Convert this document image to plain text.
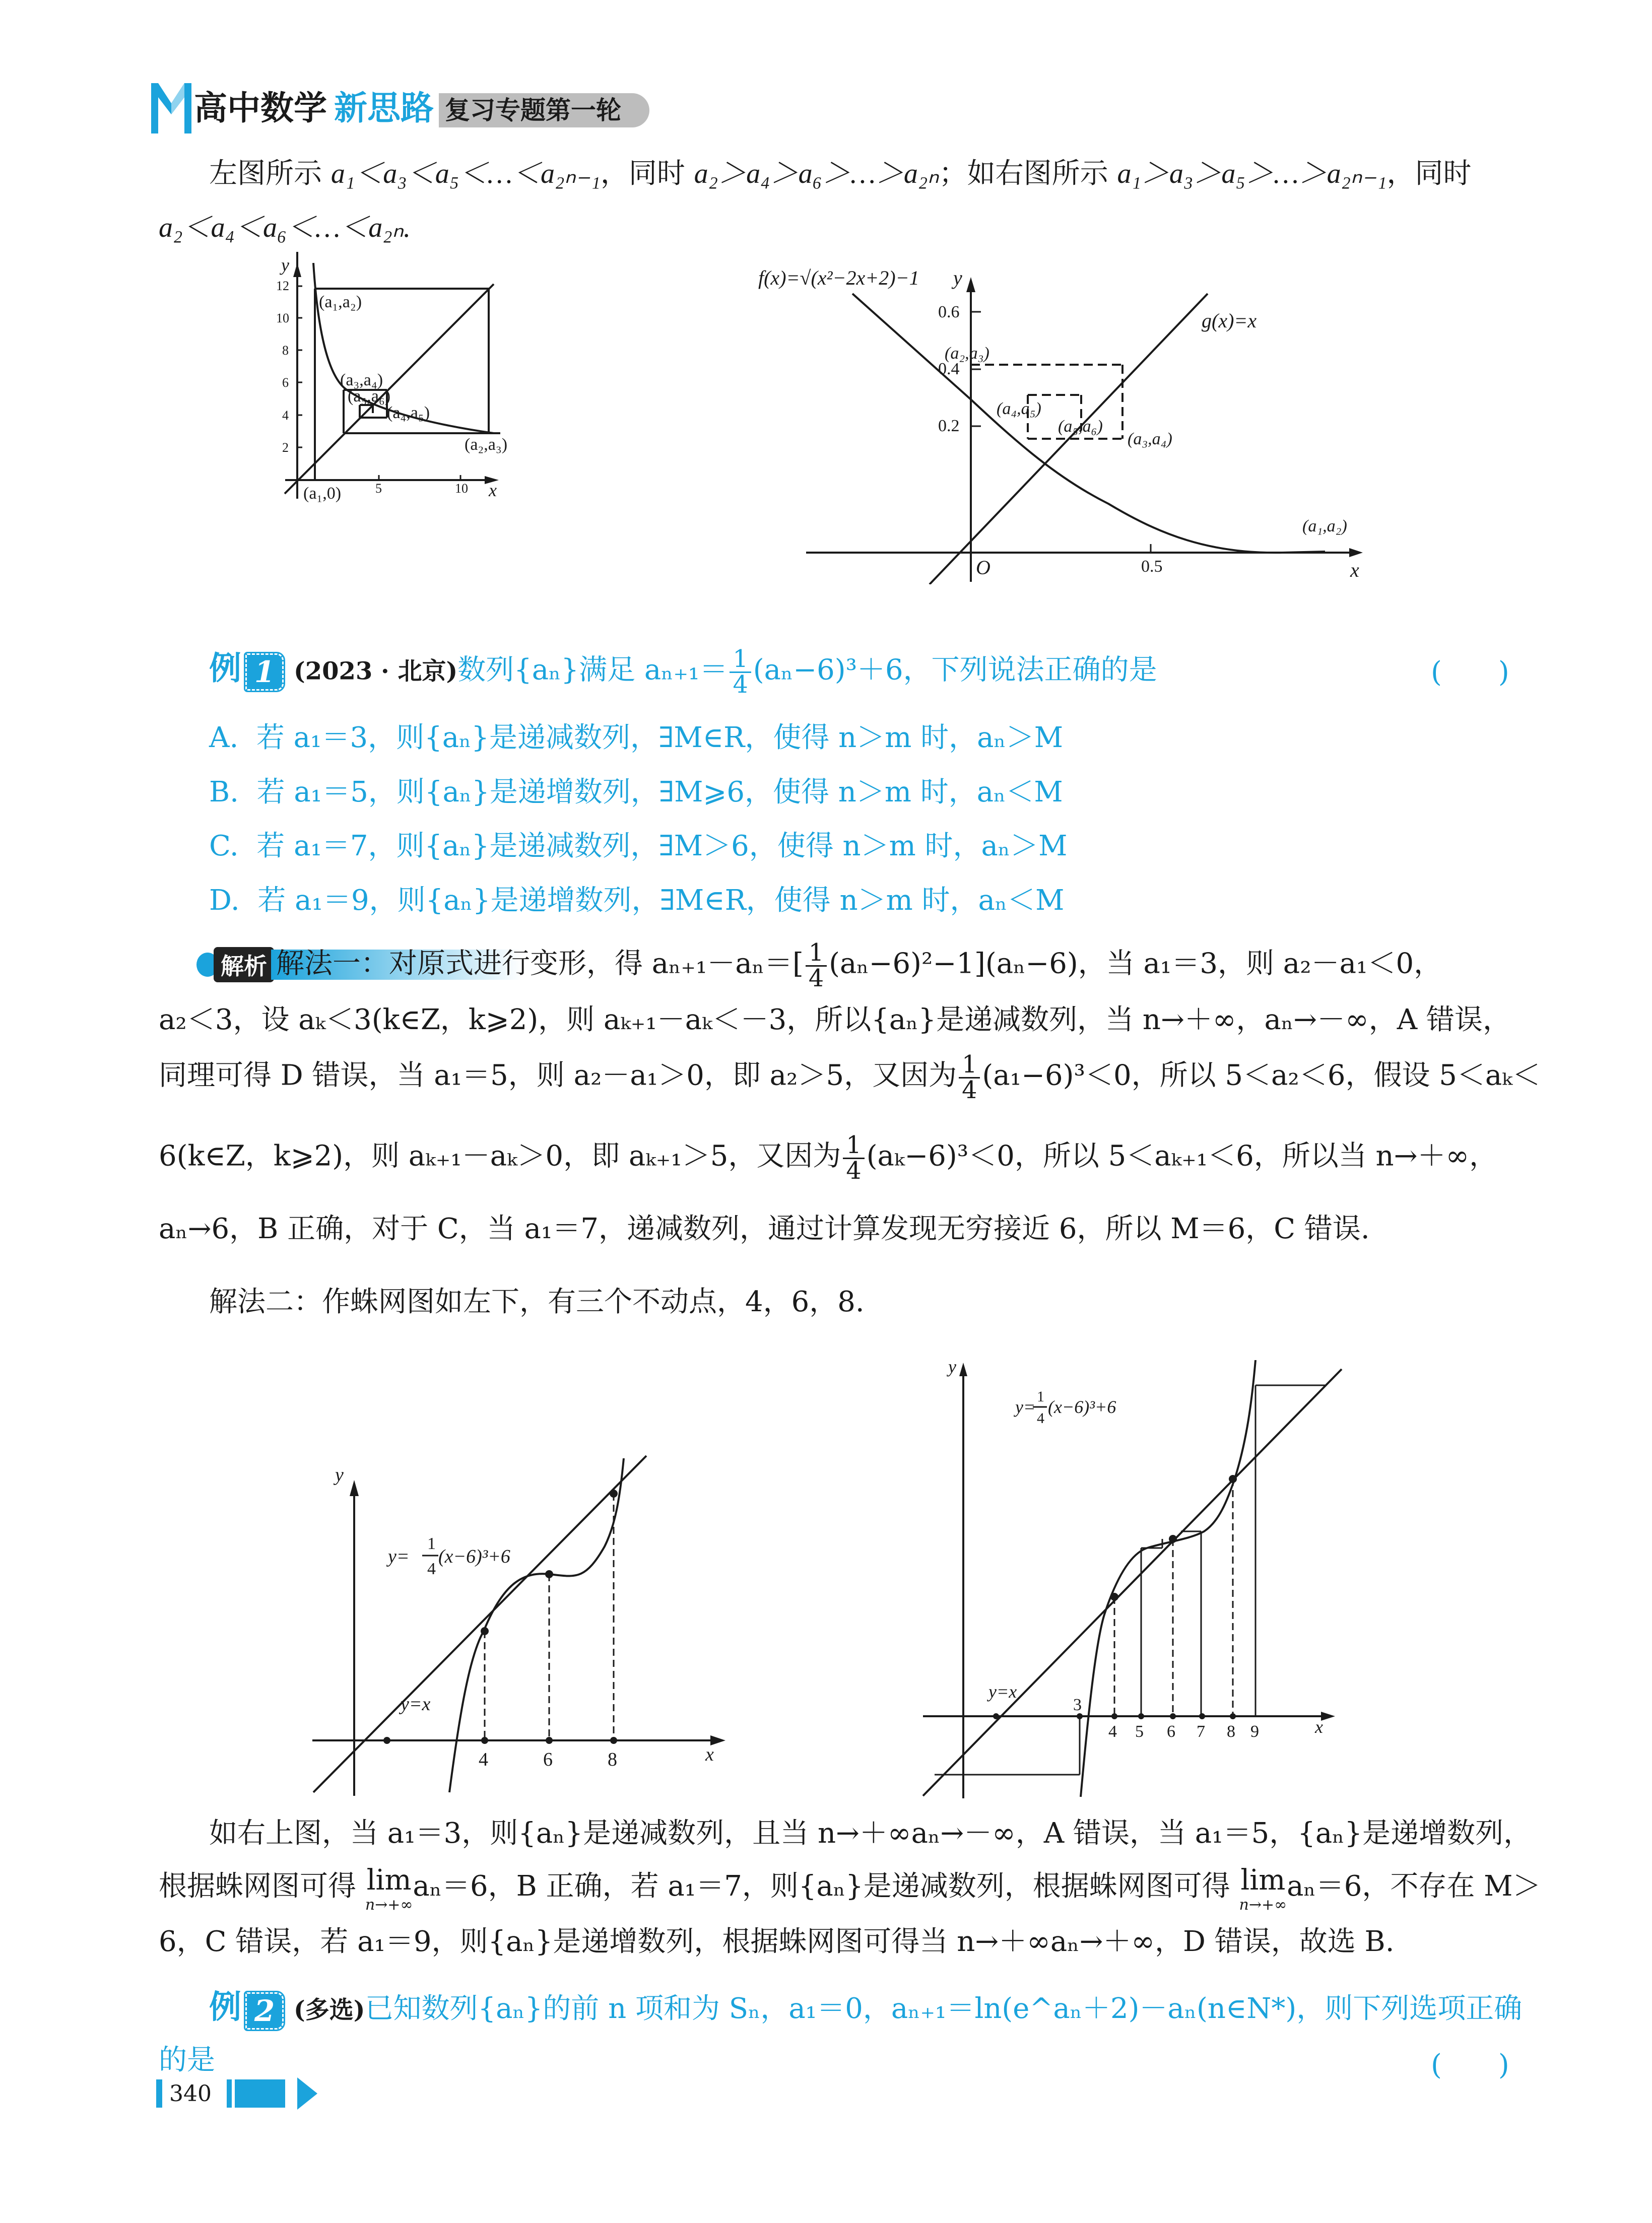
高中数学 新思路 复习专题第一轮
左图所示 a₁＜a₃＜a₅＜…＜a₂ₙ₋₁，同时 a₂＞a₄＞a₆＞…＞a₂ₙ；如右图所示 a₁＞a₃＞a₅＞…＞a₂ₙ₋₁，同时
a₂＜a₄＜a₆＜…＜a₂ₙ.
2
4
6
8
10
12
5	10
y
x
(a₁,a₂)
(a₃,a₄)
(a₅,a₆)
(a₄,a₅)
(a₂,a₃)
(a₁,0)
0.6
0.4
0.2
0.5
y
x
O
f(x)=√(x²−2x+2)−1
g(x)=x
(a₂,a₃)
(a₄,a₅)
(a₅,a₆)
(a₃,a₄)
(a₁,a₂)
例 1 (2023 · 北京)数列{aₙ}满足 $a_{n+1}= \frac{1}{4} (a_n-6)^3+6$，下列说法正确的是	(　　)
A. 若 a₁＝3，则{aₙ}是递减数列，∃M∈R，使得 n＞m 时，aₙ＞M
B. 若 a₁＝5，则{aₙ}是递增数列，∃M⩾6，使得 n＞m 时，aₙ＜M
C. 若 a₁＝7，则{aₙ}是递减数列，∃M＞6，使得 n＞m 时，aₙ＞M
D. 若 a₁＝9，则{aₙ}是递增数列，∃M∈R，使得 n＞m 时，aₙ＜M
解析 解法一：对原式进行变形，得 $a_{n+1}-a_n=[ \frac{1}{4} (a_n-6)^2-1](a_n-6)$，当 a₁＝3，则 a₂－a₁＜0，
a₂＜3，设 aₖ＜3(k∈Z，k⩾2)，则 aₖ₊₁－aₖ＜－3，所以{aₙ}是递减数列，当 n→＋∞，aₙ→－∞，A 错误，
同理可得 D 错误，当 a₁＝5，则 a₂－a₁＞0，即 a₂＞5，又因为 $\frac{1}{4} (a_1-6)^3<0$，所以 5＜a₂＜6，假设 5＜aₖ＜
6(k∈Z，k⩾2)，则 aₖ₊₁－aₖ＞0，即 aₖ₊₁＞5，又因为 $\frac{1}{4} (a_k-6)^3<0$，所以 5＜aₖ₊₁＜6，所以当 n→＋∞，
aₙ→6，B 正确，对于 C，当 a₁＝7，递减数列，通过计算发现无穷接近 6，所以 M＝6，C 错误.
解法二：作蛛网图如左下，有三个不动点，4，6，8.
4	6	8
y
x
y=x
y= (x−6)³+6
1
4
3
4 5 6 7 8 9
y
x
y=x
y= (x−6)³+6
1
4
如右上图，当 a₁＝3，则{aₙ}是递减数列，且当 n→＋∞aₙ→－∞，A 错误，当 a₁＝5，{aₙ}是递增数列，
根据蛛网图可得 lim
n→+∞
aₙ＝6，B 正确，若 a₁＝7，则{aₙ}是递减数列，根据蛛网图可得 lim
n→+∞
aₙ＝6，不存在 M＞
6，C 错误，若 a₁＝9，则{aₙ}是递增数列，根据蛛网图可得当 n→＋∞aₙ→＋∞，D 错误，故选 B.
例 2 (多选)已知数列{aₙ}的前 n 项和为 Sₙ，a₁＝0，aₙ₊₁＝ln(e^aₙ＋2)－aₙ(n∈N*)，则下列选项正确
的是	(　　)
340
